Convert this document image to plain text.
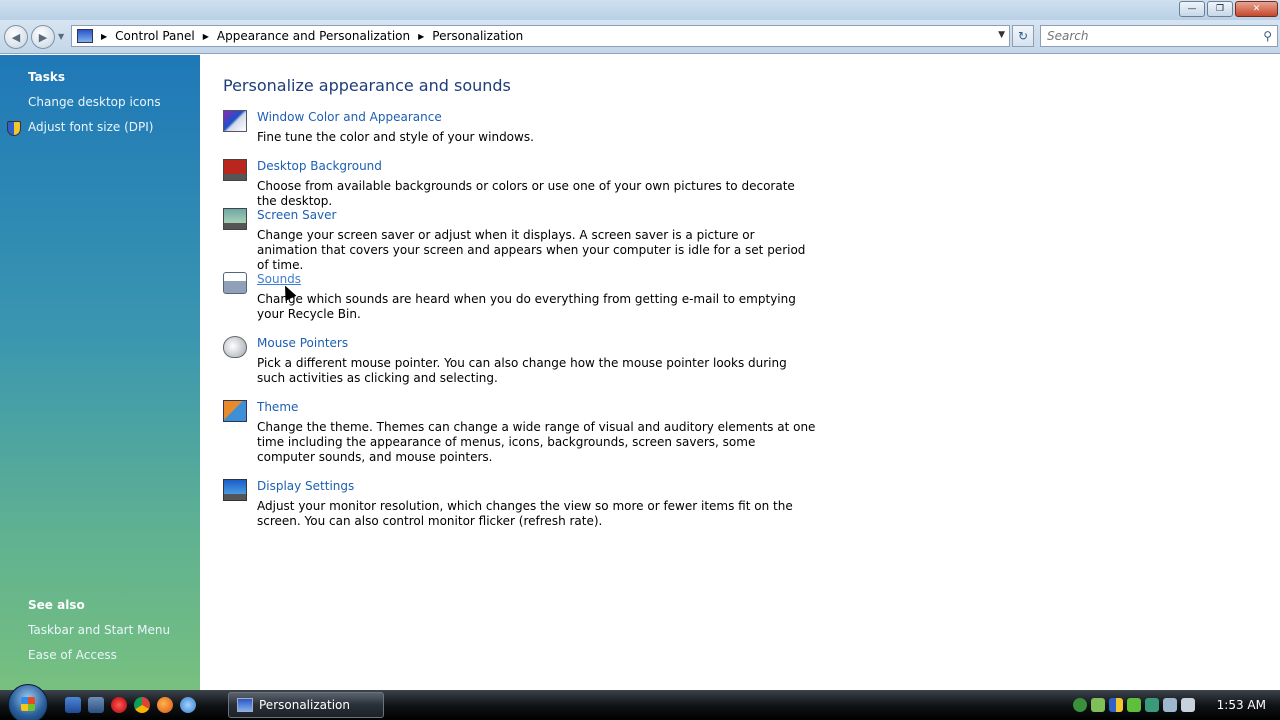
— ❐	✕
◀ ▶ ▼	▶ Control Panel ▶ Appearance and Personalization ▶ Personalization	▼ ↻
Search	⚲
Tasks
Change desktop icons
Adjust font size (DPI)
See also
Taskbar and Start Menu
Ease of Access
Personalize appearance and sounds
Window Color and Appearance
Fine tune the color and style of your windows.
Desktop Background
Choose from available backgrounds or colors or use one of your own pictures to decorate the desktop.
Screen Saver
Change your screen saver or adjust when it displays. A screen saver is a picture or animation that covers your screen and appears when your computer is idle for a set period of time.
Sounds
Change which sounds are heard when you do everything from getting e-mail to emptying your Recycle Bin.
Mouse Pointers
Pick a different mouse pointer. You can also change how the mouse pointer looks during such activities as clicking and selecting.
Theme
Change the theme. Themes can change a wide range of visual and auditory elements at one time including the appearance of menus, icons, backgrounds, screen savers, some computer sounds, and mouse pointers.
Display Settings
Adjust your monitor resolution, which changes the view so more or fewer items fit on the screen. You can also control monitor flicker (refresh rate).
Personalization	1:53 AM
